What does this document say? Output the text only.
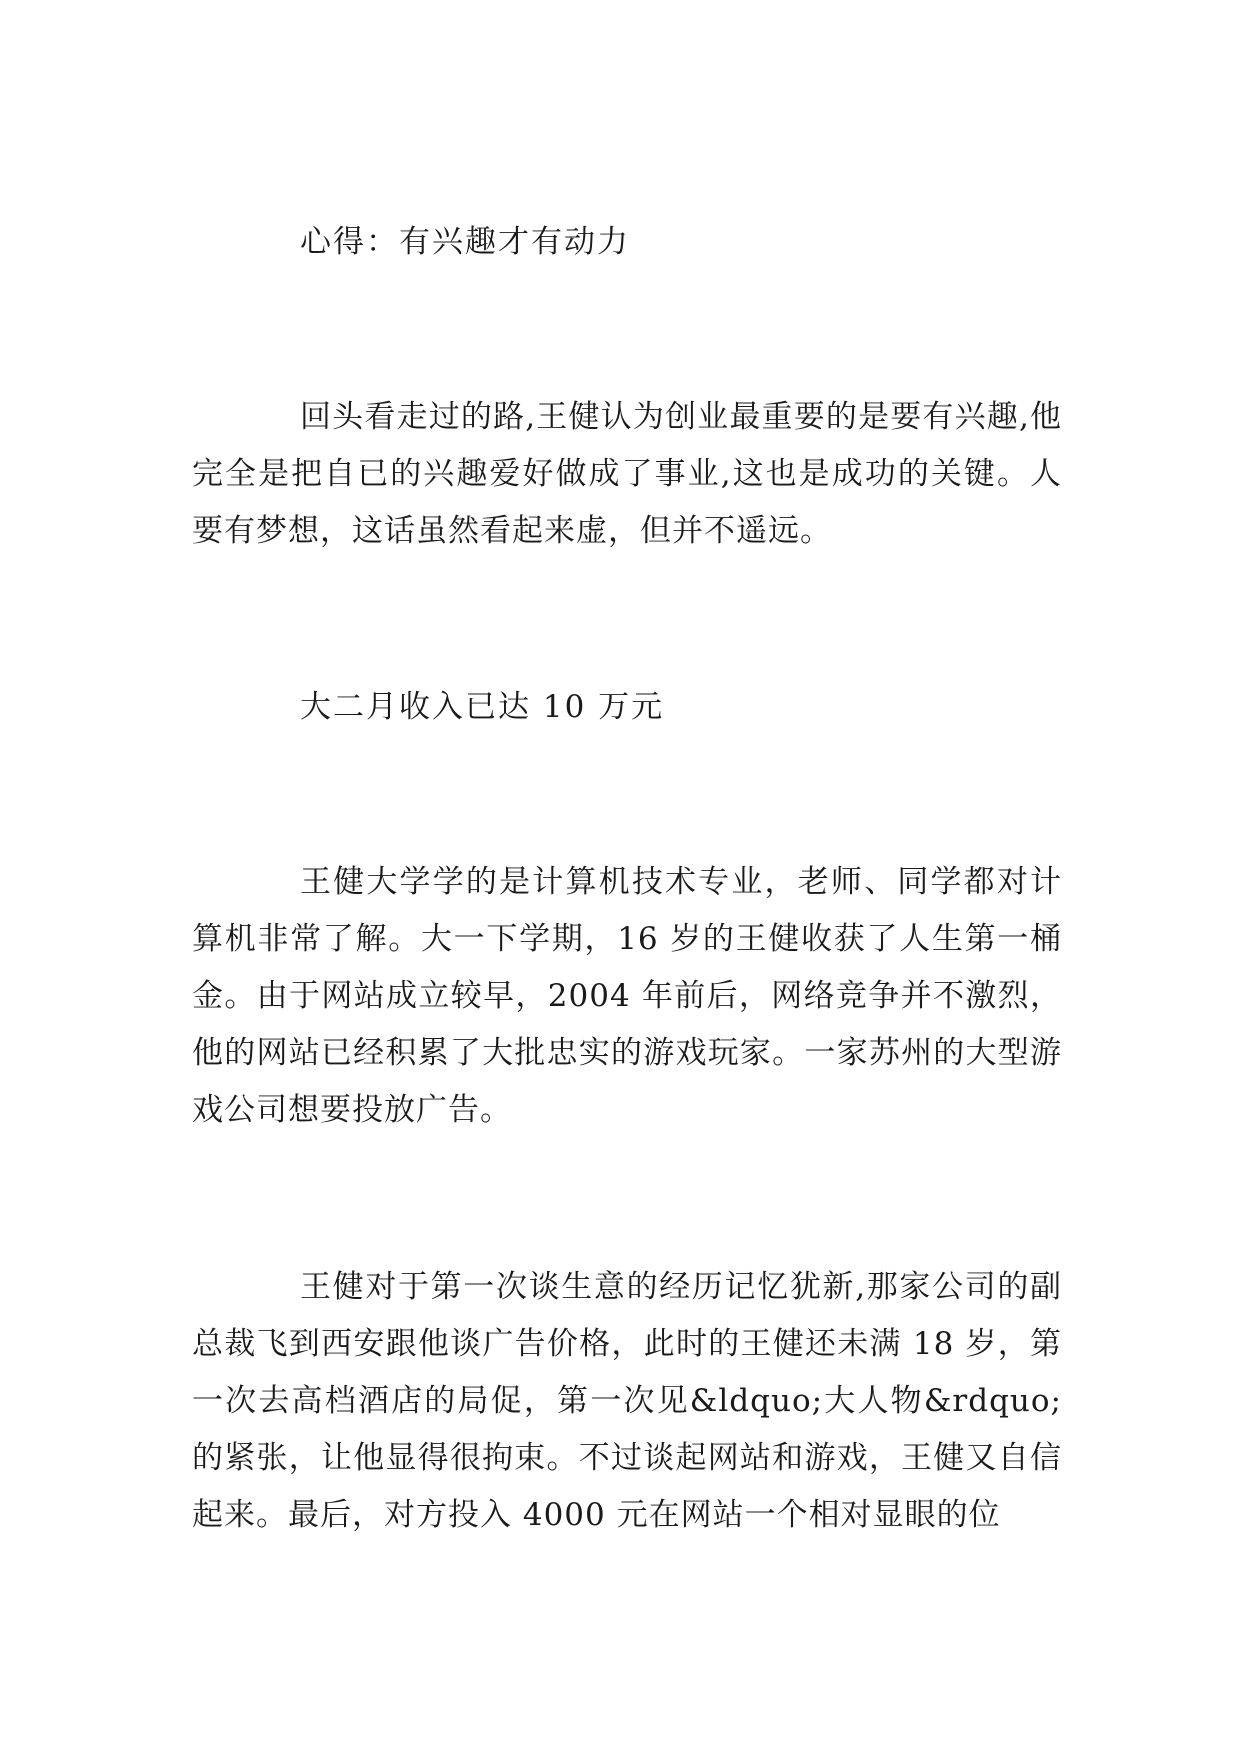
心得：有兴趣才有动力
回头看走过的路,王健认为创业最重要的是要有兴趣,他完全是把自已的兴趣爱好做成了事业,这也是成功的关键。人要有梦想，这话虽然看起来虚，但并不遥远。
大二月收入已达 10 万元
王健大学学的是计算机技术专业，老师、同学都对计算机非常了解。大一下学期，16 岁的王健收获了人生第一桶金。由于网站成立较早，2004 年前后，网络竞争并不激烈，他的网站已经积累了大批忠实的游戏玩家。一家苏州的大型游戏公司想要投放广告。
王健对于第一次谈生意的经历记忆犹新,那家公司的副总裁飞到西安跟他谈广告价格，此时的王健还未满 18 岁，第一次去高档酒店的局促，第一次见&ldquo;大人物&rdquo;的紧张，让他显得很拘束。不过谈起网站和游戏，王健又自信起来。最后，对方投入 4000 元在网站一个相对显眼的位
